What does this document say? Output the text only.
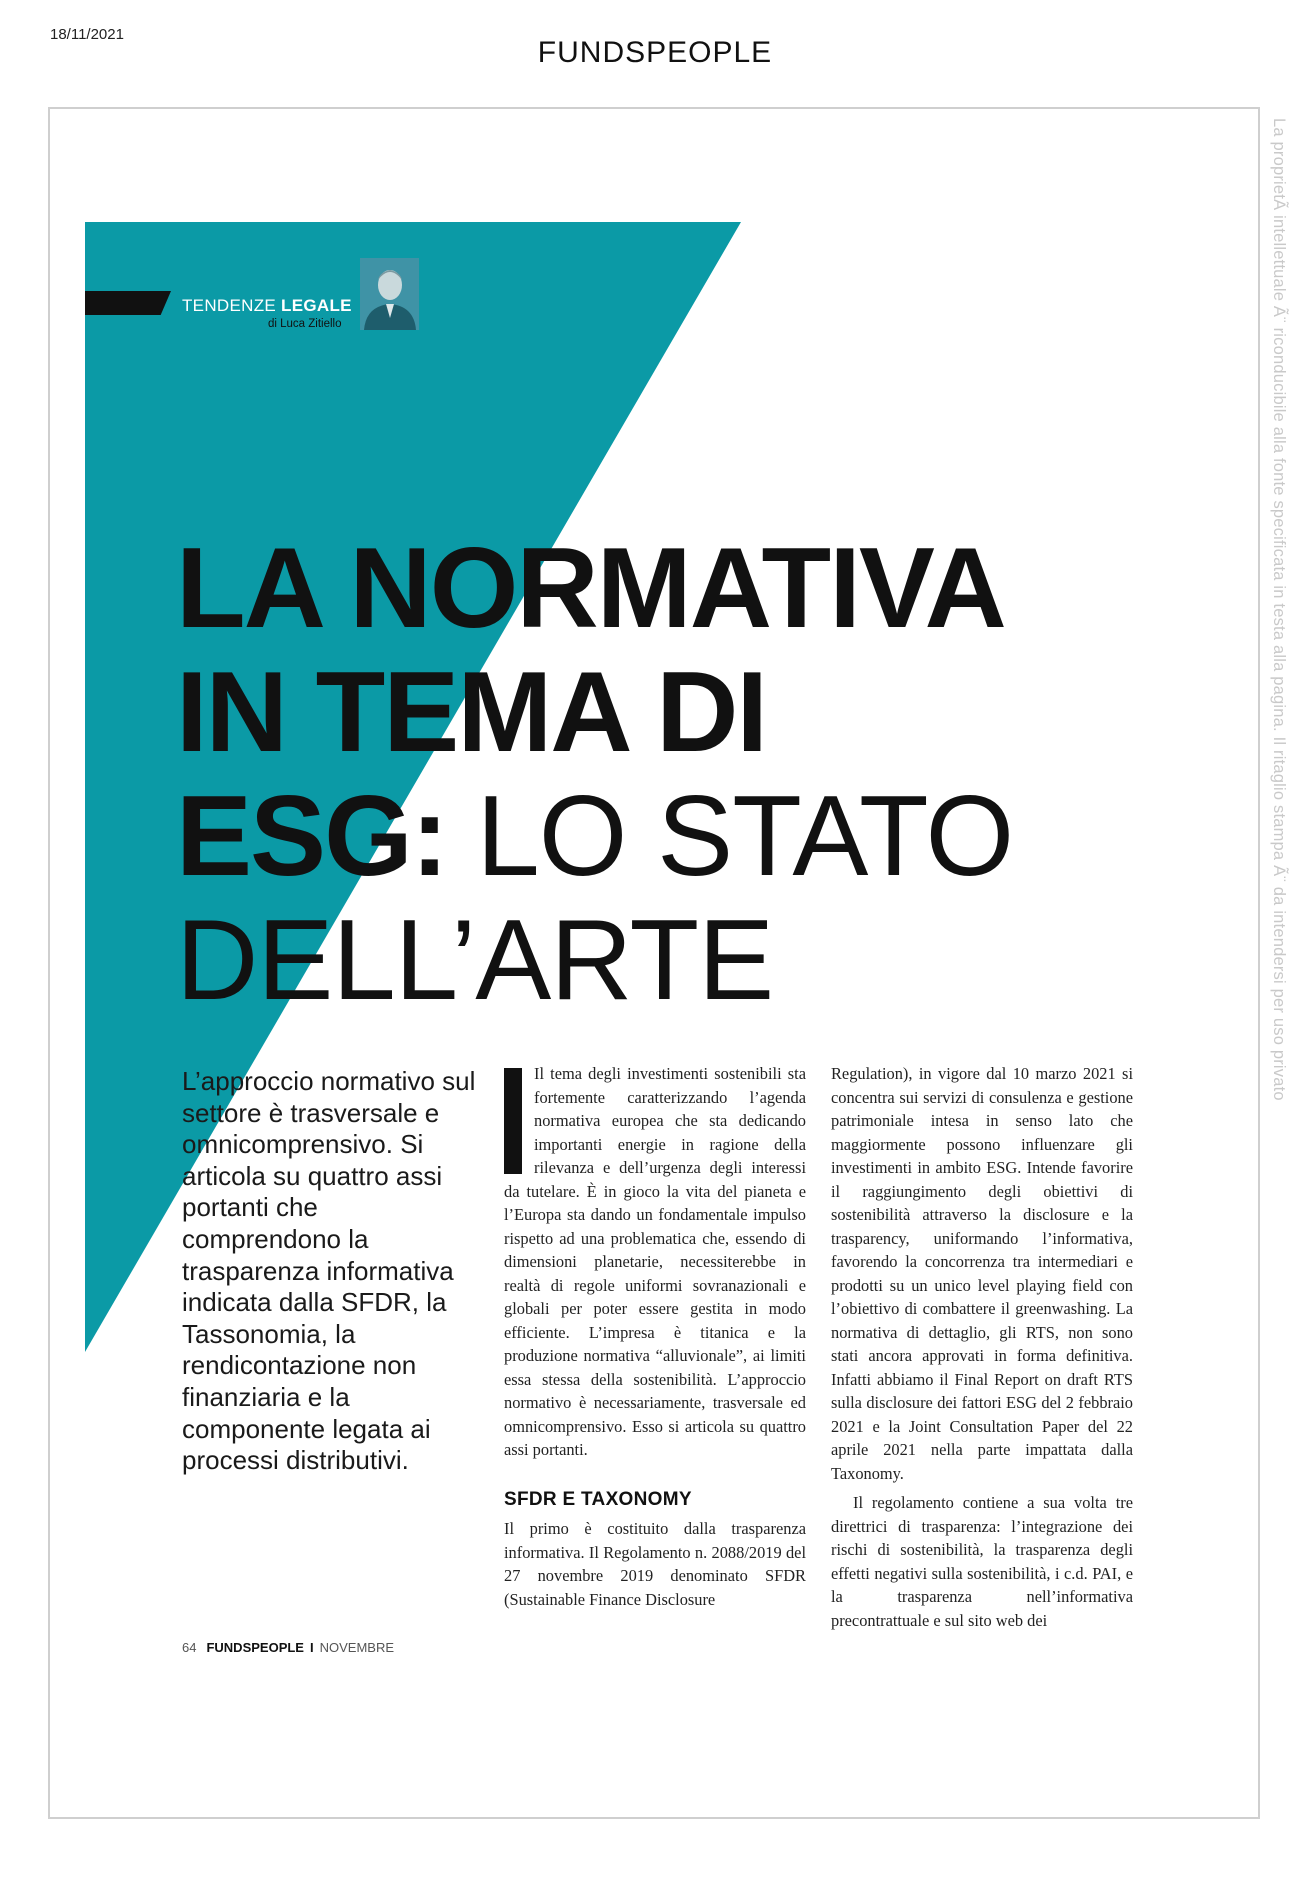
18/11/2021
FUNDSPEOPLE
La proprietÃ intellettuale Ã¨ riconducibile alla fonte specificata in testa alla pagina. Il ritaglio stampa Ã¨ da intendersi per uso privato
TENDENZE LEGALE
di Luca Zitiello
LA NORMATIVA
IN TEMA DI
ESG: LO STATO
DELL’ARTE

L’approccio normativo sul settore è trasversale e omnicomprensivo. Si articola su quattro assi portanti che comprendono la trasparenza informativa indicata dalla SFDR, la Tassonomia, la rendicontazione non finanziaria e la componente legata ai processi distributivi.

Il tema degli investimenti sostenibili sta fortemente caratterizzando l’agenda normativa europea che sta dedicando importanti energie in ragione della rilevanza e dell’urgenza degli interessi da tutelare. È in gioco la vita del pianeta e l’Europa sta dando un fondamentale impulso rispetto ad una problematica che, essendo di dimensioni planetarie, necessiterebbe in realtà di regole uniformi sovranazionali e globali per poter essere gestita in modo efficiente. L’impresa è titanica e la produzione normativa “alluvionale”, ai limiti essa stessa della sostenibilità. L’approccio normativo è necessariamente, trasversale ed omnicomprensivo. Esso si articola su quattro assi portanti.

SFDR E TAXONOMY

Il primo è costituito dalla trasparenza informativa. Il Regolamento n. 2088/2019 del 27 novembre 2019 denominato SFDR (Sustainable Finance Disclosure

Regulation), in vigore dal 10 marzo 2021 si concentra sui servizi di consulenza e gestione patrimoniale intesa in senso lato che maggiormente possono influenzare gli investimenti in ambito ESG. Intende favorire il raggiungimento degli obiettivi di sostenibilità attraverso la disclosure e la trasparency, uniformando l’informativa, favorendo la concorrenza tra intermediari e prodotti su un unico level playing field con l’obiettivo di combattere il greenwashing. La normativa di dettaglio, gli RTS, non sono stati ancora approvati in forma definitiva. Infatti abbiamo il Final Report on draft RTS sulla disclosure dei fattori ESG del 2 febbraio 2021 e la Joint Consultation Paper del 22 aprile 2021 nella parte impattata dalla Taxonomy.

Il regolamento contiene a sua volta tre direttrici di trasparenza: l’integrazione dei rischi di sostenibilità, la trasparenza degli effetti negativi sulla sostenibilità, i c.d. PAI, e la trasparenza nell’informativa precontrattuale e sul sito web dei

64 FUNDSPEOPLE I NOVEMBRE
